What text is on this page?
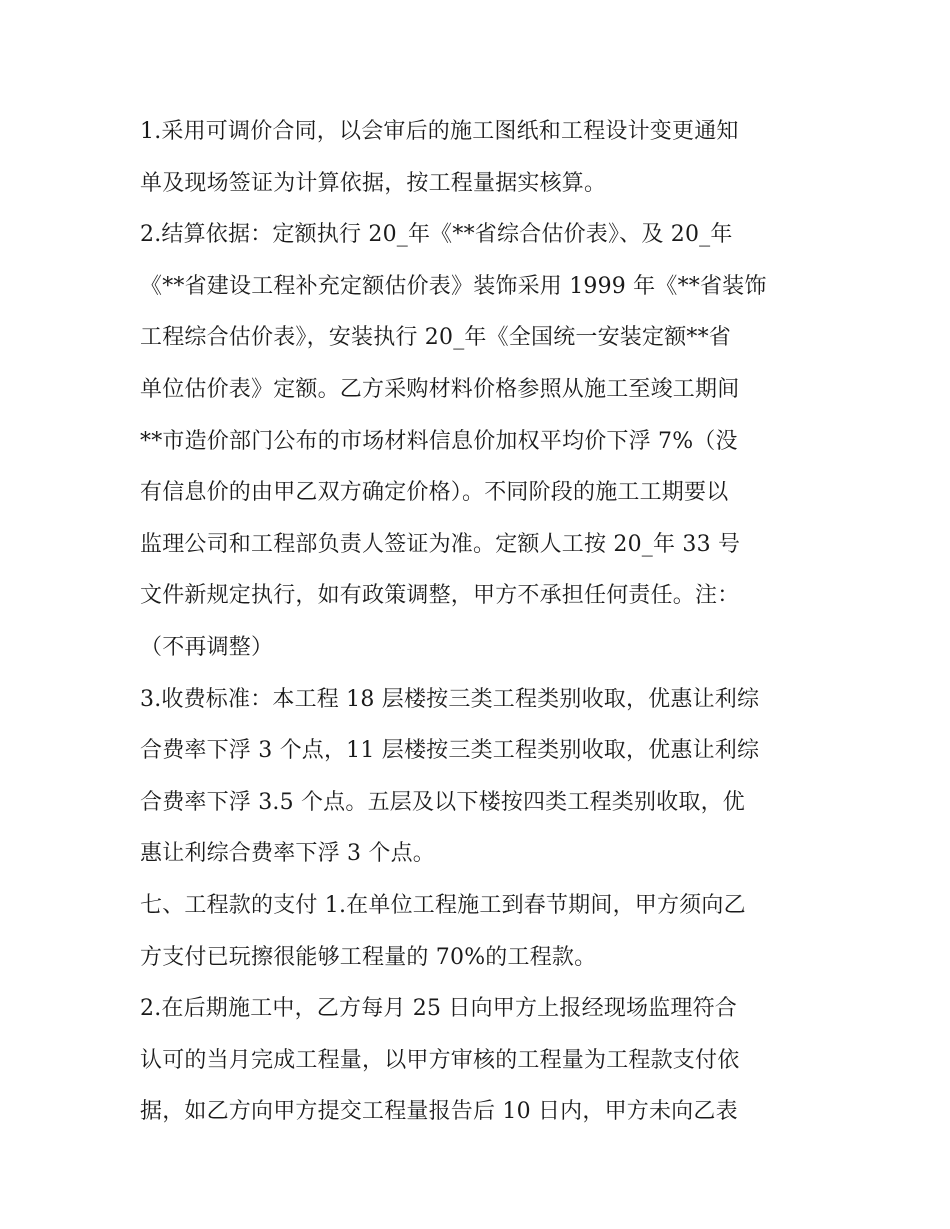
1.采用可调价合同，以会审后的施工图纸和工程设计变更通知
单及现场签证为计算依据，按工程量据实核算。
2.结算依据：定额执行 20_年《**省综合估价表》、及 20_年
《**省建设工程补充定额估价表》装饰采用 1999 年《**省装饰
工程综合估价表》，安装执行 20_年《全国统一安装定额**省
单位估价表》定额。乙方采购材料价格参照从施工至竣工期间
**市造价部门公布的市场材料信息价加权平均价下浮 7%（没
有信息价的由甲乙双方确定价格）。不同阶段的施工工期要以
监理公司和工程部负责人签证为准。定额人工按 20_年 33 号
文件新规定执行，如有政策调整，甲方不承担任何责任。注：
（不再调整）
3.收费标准：本工程 18 层楼按三类工程类别收取，优惠让利综
合费率下浮 3 个点，11 层楼按三类工程类别收取，优惠让利综
合费率下浮 3.5 个点。五层及以下楼按四类工程类别收取，优
惠让利综合费率下浮 3 个点。
七、工程款的支付 1.在单位工程施工到春节期间，甲方须向乙
方支付已玩擦很能够工程量的 70%的工程款。
2.在后期施工中，乙方每月 25 日向甲方上报经现场监理符合
认可的当月完成工程量，以甲方审核的工程量为工程款支付依
据，如乙方向甲方提交工程量报告后 10 日内，甲方未向乙表
